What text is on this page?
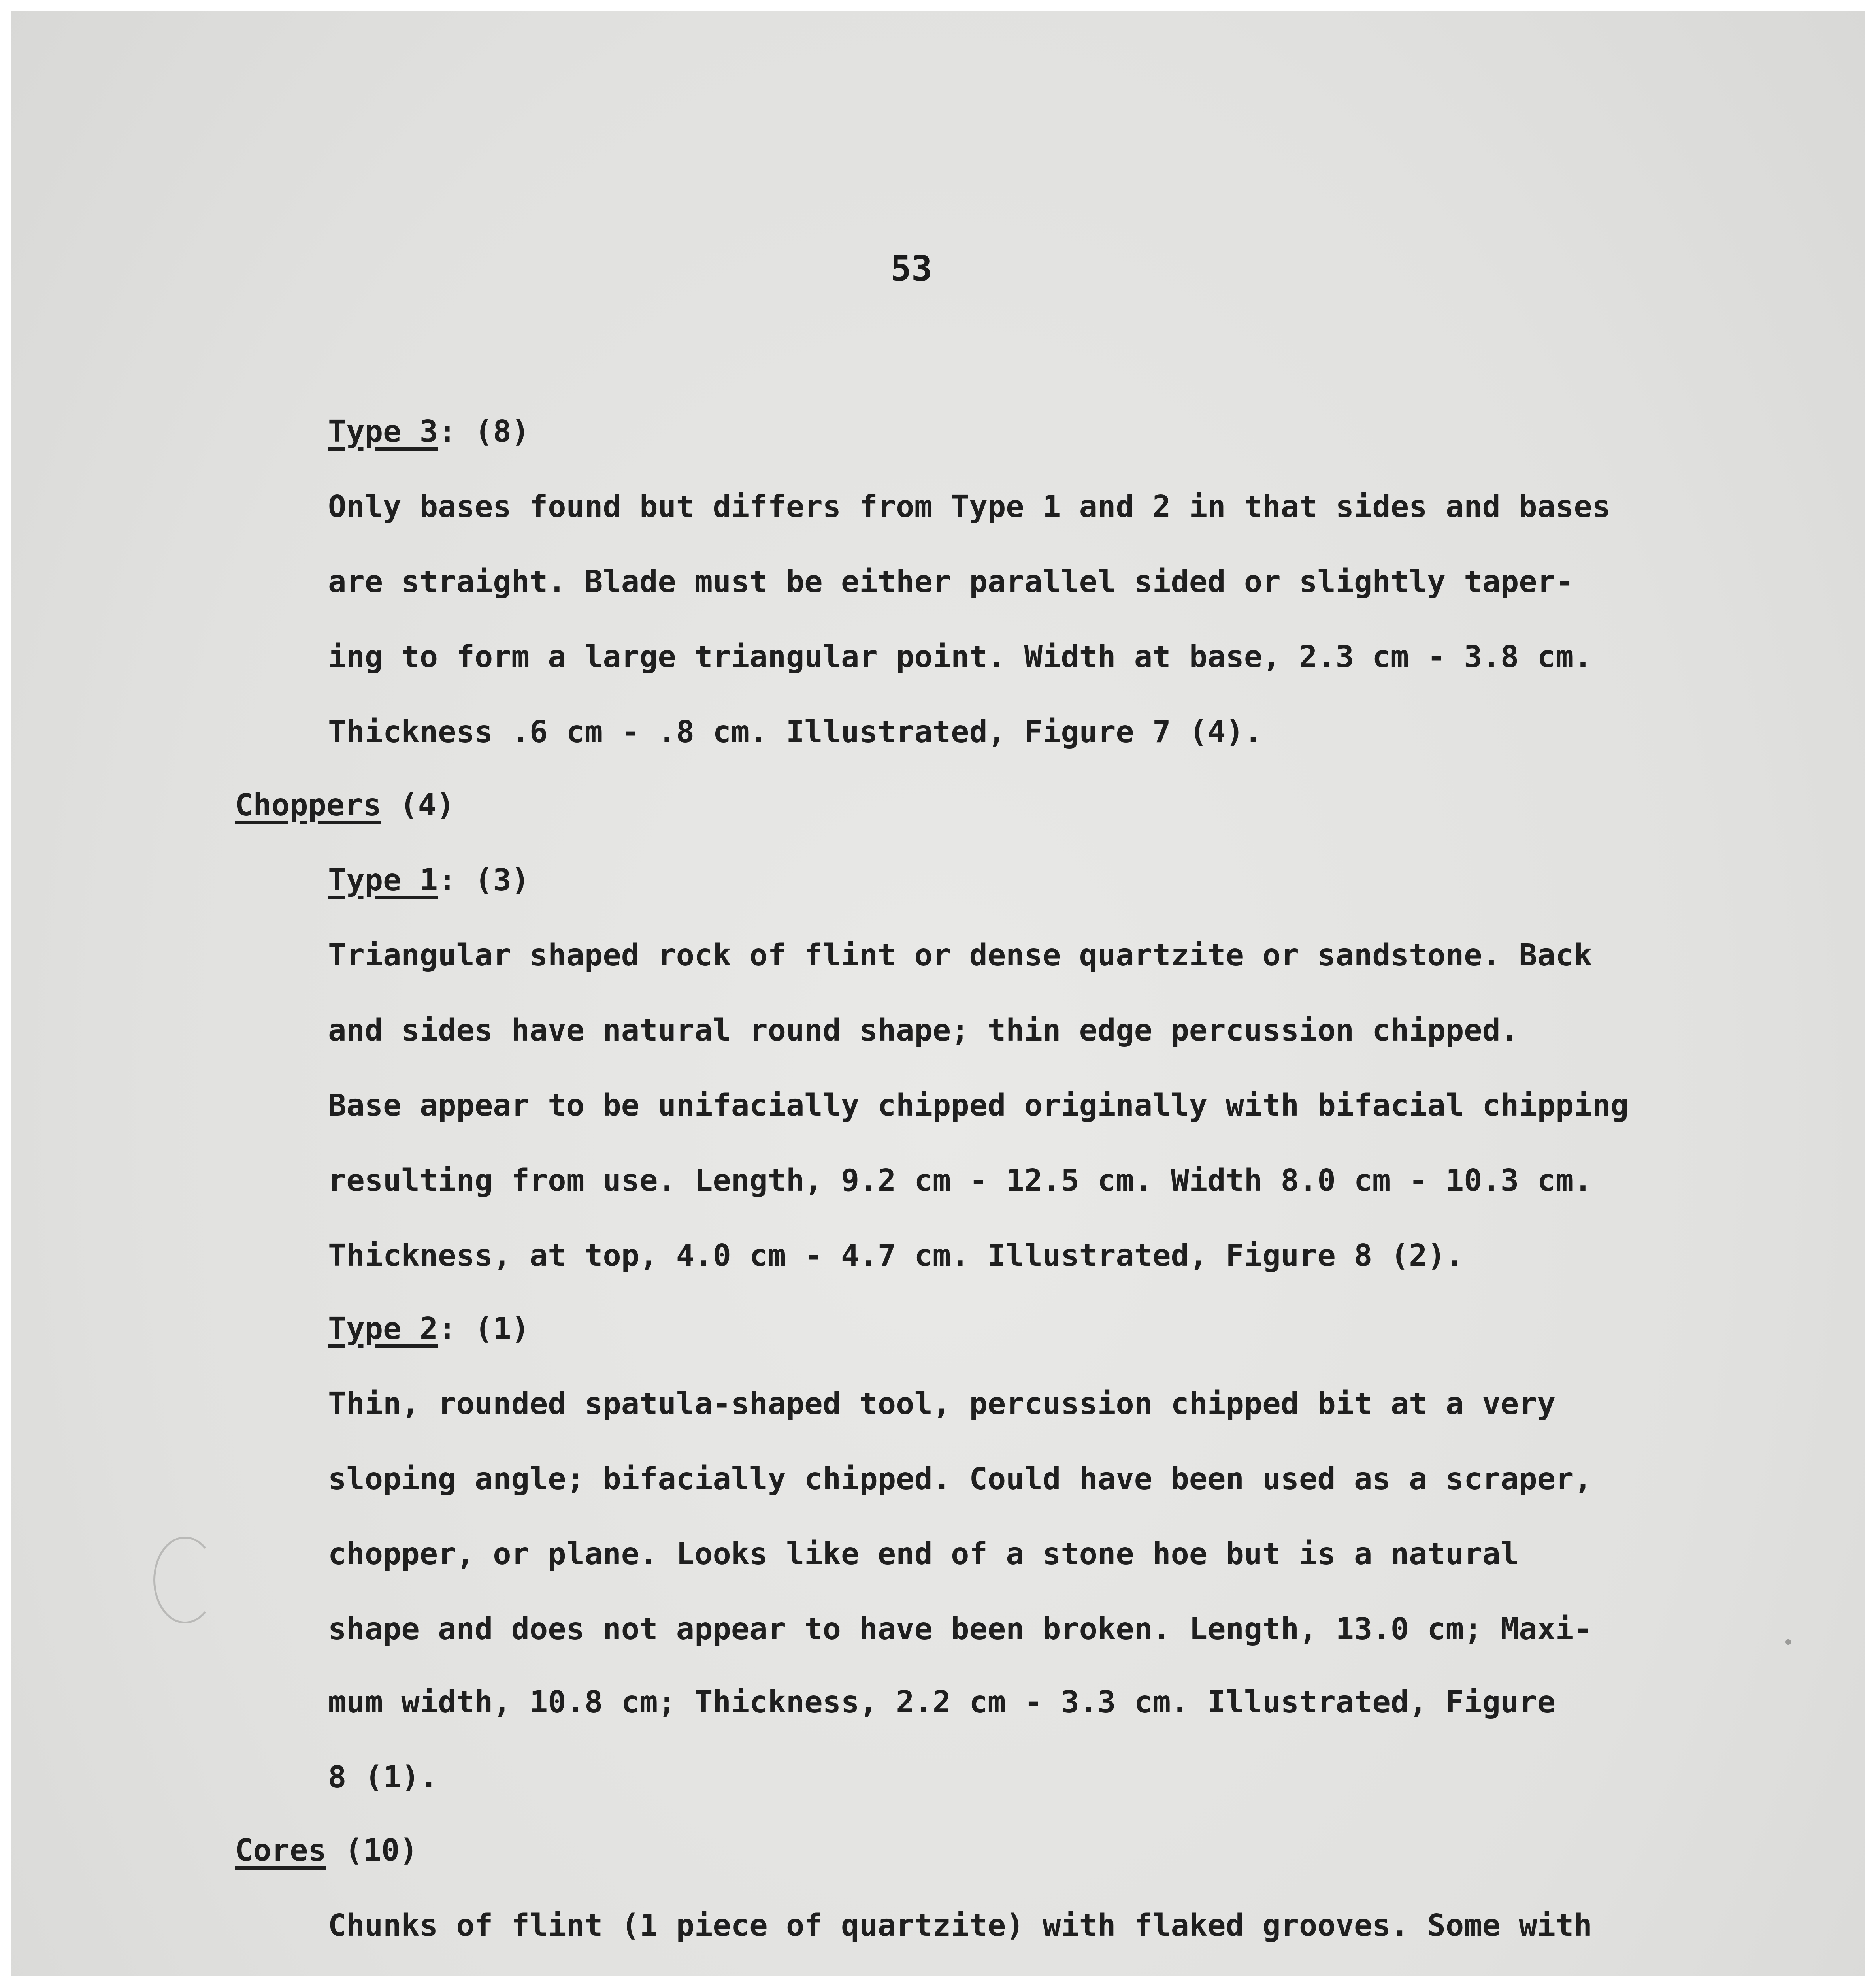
53

Type 3: (8)

Only bases found but differs from Type 1 and 2 in that sides and bases

are straight. Blade must be either parallel sided or slightly taper-

ing to form a large triangular point. Width at base, 2.3 cm - 3.8 cm.

Thickness .6 cm - .8 cm. Illustrated, Figure 7 (4).

Choppers (4)

Type 1: (3)

Triangular shaped rock of flint or dense quartzite or sandstone. Back

and sides have natural round shape; thin edge percussion chipped.

Base appear to be unifacially chipped originally with bifacial chipping

resulting from use. Length, 9.2 cm - 12.5 cm. Width 8.0 cm - 10.3 cm.

Thickness, at top, 4.0 cm - 4.7 cm. Illustrated, Figure 8 (2).

Type 2: (1)

Thin, rounded spatula-shaped tool, percussion chipped bit at a very

sloping angle; bifacially chipped. Could have been used as a scraper,

chopper, or plane. Looks like end of a stone hoe but is a natural

shape and does not appear to have been broken. Length, 13.0 cm; Maxi-

mum width, 10.8 cm; Thickness, 2.2 cm - 3.3 cm. Illustrated, Figure

8 (1).

Cores (10)

Chunks of flint (1 piece of quartzite) with flaked grooves. Some with
